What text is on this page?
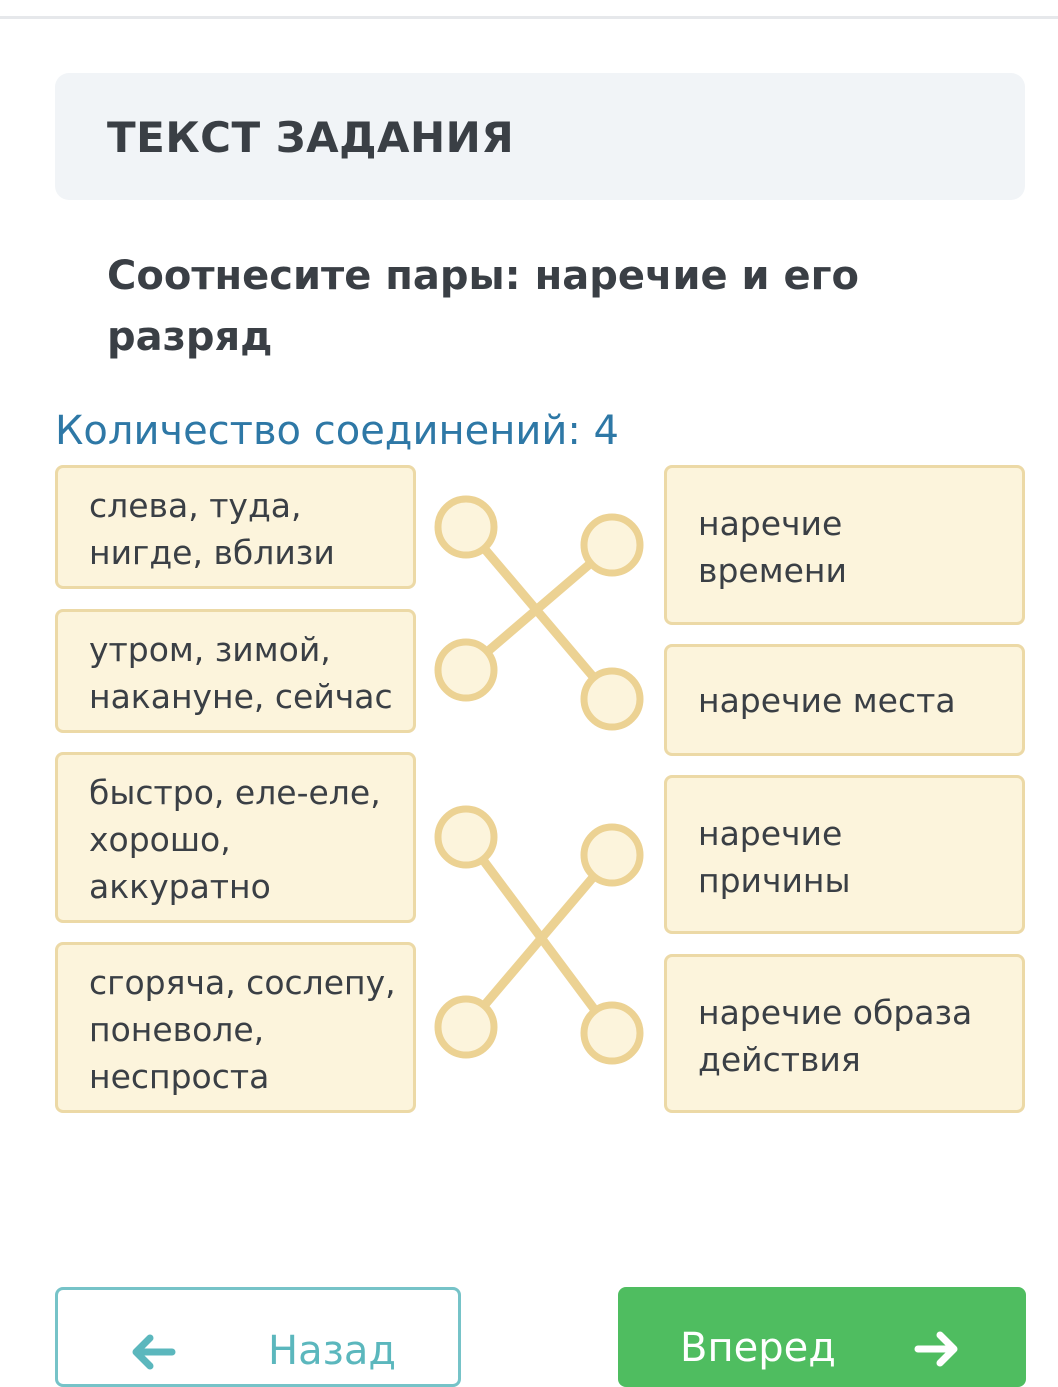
ТЕКСТ ЗАДАНИЯ
Соотнесите пары: наречие и его разряд
Количество соединений: 4
слева, туда,
нигде, вблизи
утром, зимой,
накануне, сейчас
быстро, еле-еле,
хорошо,
аккуратно
сгоряча, сослепу,
поневоле,
неспроста
наречие
времени
наречие места
наречие
причины
наречие образа
действия
Назад	Вперед
